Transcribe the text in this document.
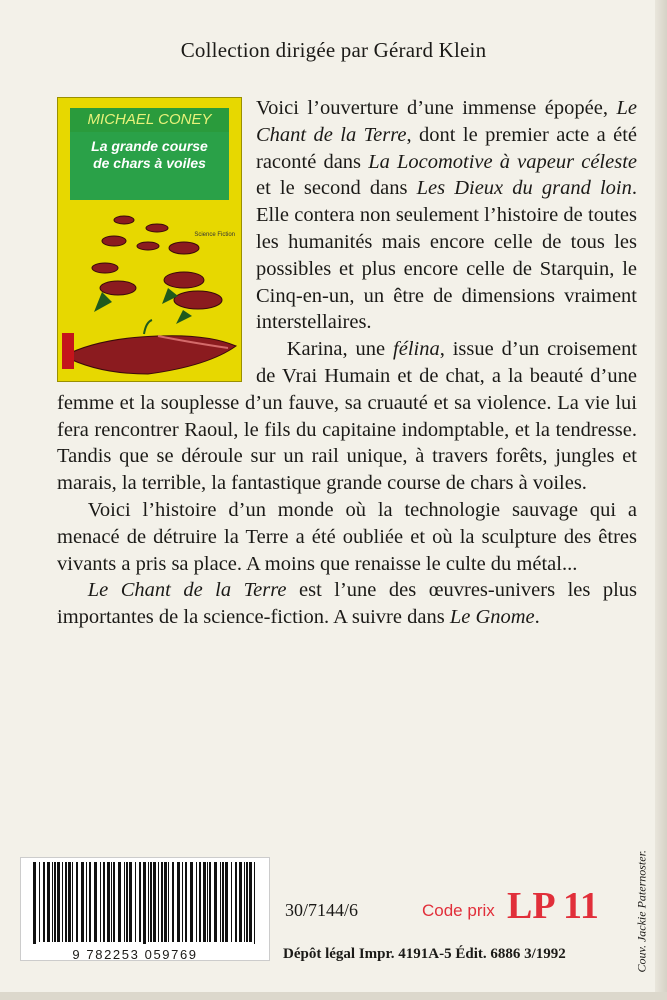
Collection dirigée par Gérard Klein
MICHAEL CONEY
La grande course
de chars à voiles
Science Fiction

Voici l’ouverture d’une immense épopée, Le Chant de la Terre, dont le premier acte a été raconté dans La Locomotive à vapeur céleste et le second dans Les Dieux du grand loin. Elle contera non seulement l’histoire de toutes les humanités mais encore celle de tous les possibles et plus encore celle de Starquin, le Cinq-en-un, un être de dimensions vraiment interstellaires.

Karina, une félina, issue d’un croisement de Vrai Humain et de chat, a la beauté d’une femme et la souplesse d’un fauve, sa cruauté et sa violence. La vie lui fera rencontrer Raoul, le fils du capitaine indomptable, et la tendresse. Tandis que se déroule sur un rail unique, à travers forêts, jungles et marais, la terrible, la fantastique grande course de chars à voiles.

Voici l’histoire d’un monde où la technologie sauvage qui a menacé de détruire la Terre a été oubliée et où la sculpture des êtres vivants a pris sa place. A moins que renaisse le culte du métal...

Le Chant de la Terre est l’une des œuvres-univers les plus importantes de la science-fiction. A suivre dans Le Gnome.

9 782253 059769
30/7144/6	Code prix LP 11
Dépôt légal Impr. 4191A-5 Édit. 6886 3/1992	Couv. Jackie Paternoster.
